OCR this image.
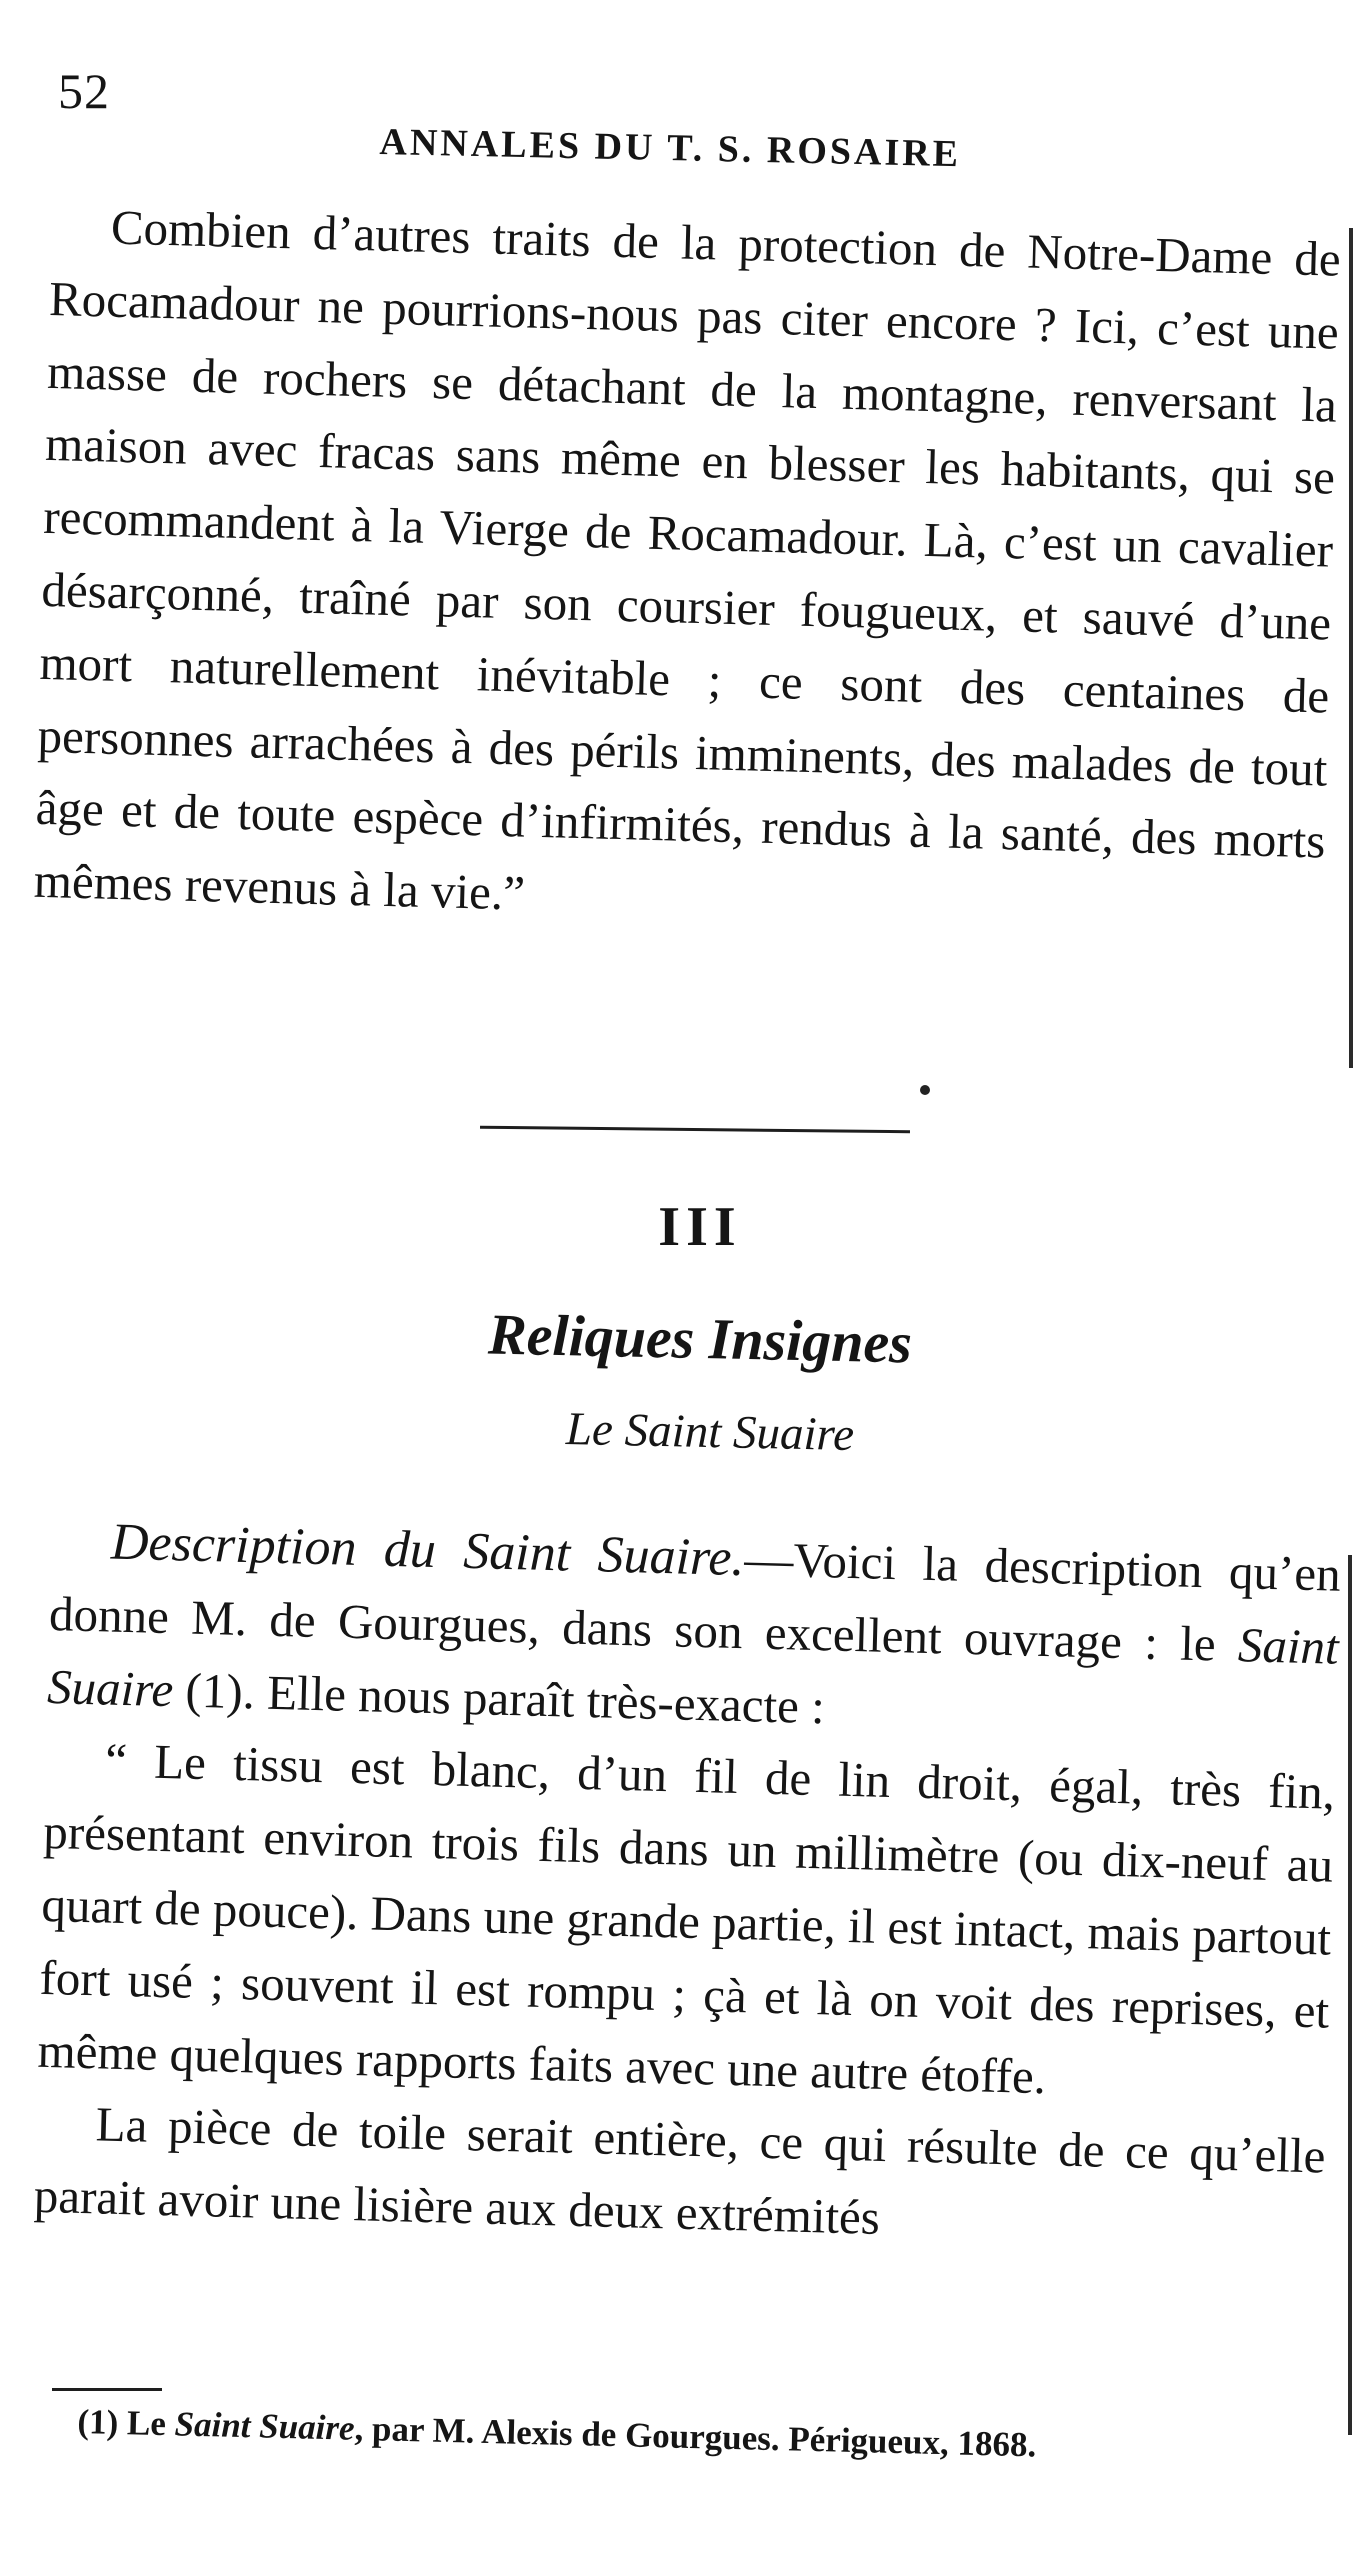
52
ANNALES DU T. S. ROSAIRE

Combien d’autres traits de la protection de Notre-Dame de Rocamadour ne pourrions-nous pas citer encore ? Ici, c’est une masse de rochers se détachant de la montagne, renversant la maison avec fracas sans même en blesser les habitants, qui se recommandent à la Vierge de Rocamadour. Là, c’est un cavalier désarçonné, traîné par son coursier fougueux, et sauvé d’une mort naturellement inévitable ; ce sont des centaines de personnes arrachées à des périls imminents, des malades de tout âge et de toute espèce d’infirmités, rendus à la santé, des morts mêmes revenus à la vie.”

III
Reliques Insignes
Le Saint Suaire

Description du Saint Suaire.—Voici la description qu’en donne M. de Gourgues, dans son excellent ouvrage : le Saint Suaire (1). Elle nous paraît très-exacte :

“ Le tissu est blanc, d’un fil de lin droit, égal, très fin, présentant environ trois fils dans un millimètre (ou dix-neuf au quart de pouce). Dans une grande partie, il est intact, mais partout fort usé ; souvent il est rompu ; çà et là on voit des reprises, et même quelques rapports faits avec une autre étoffe.

La pièce de toile serait entière, ce qui résulte de ce qu’elle parait avoir une lisière aux deux extrémités

(1) Le Saint Suaire, par M. Alexis de Gourgues. Périgueux, 1868.
